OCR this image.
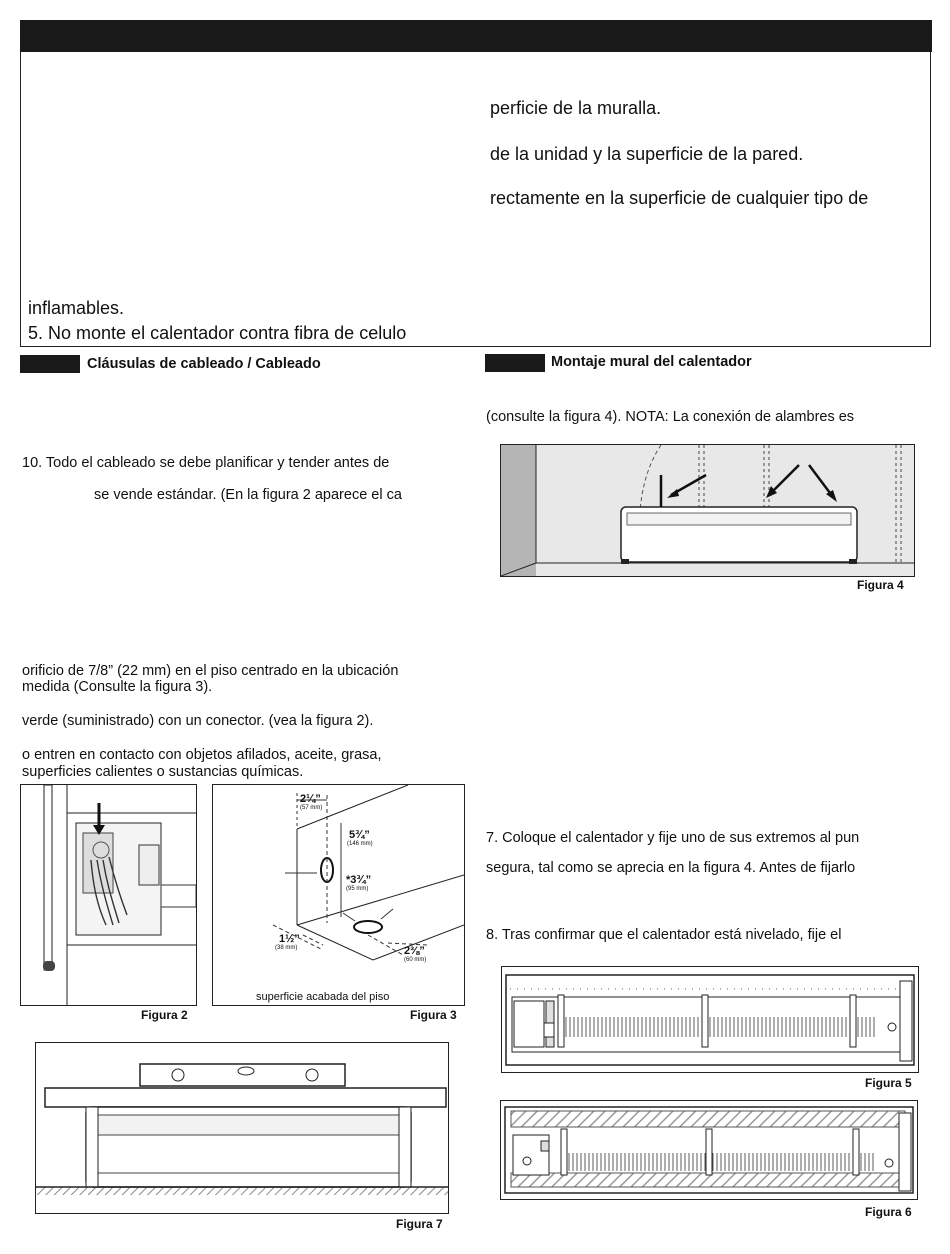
perficie de la muralla.
de la unidad y la superficie de la pared.
rectamente en la superficie de cualquier tipo de
inflamables.
5. No monte el calentador contra fibra de celulo
Cláusulas de cableado / Cableado
10. Todo el cableado se debe planificar y tender antes de
se vende estándar. (En la figura 2 aparece el ca
orificio de 7/8” (22 mm) en el piso centrado en la ubicación
medida (Consulte la figura 3).
verde (suministrado) con un conector. (vea la figura 2).
o entren en contacto con objetos afilados, aceite, grasa,
superficies calientes o sustancias químicas.
Montaje mural del calentador
(consulte la figura 4). NOTA: La conexión de alambres es
7. Coloque el calentador y fije uno de sus extremos al pun
segura, tal como se aprecia en la figura 4. Antes de fijarlo
8. Tras confirmar que el calentador está nivelado, fije el
Figura 4
Figura 2
2¼”
(57 mm)
5¾”
(146 mm)
*3¾”
(95 mm)
1½”
(38 mm)	2⅜”
(60 mm)
superficie acabada del piso
Figura 3
Figura 5
Figura 6
Figura 7
